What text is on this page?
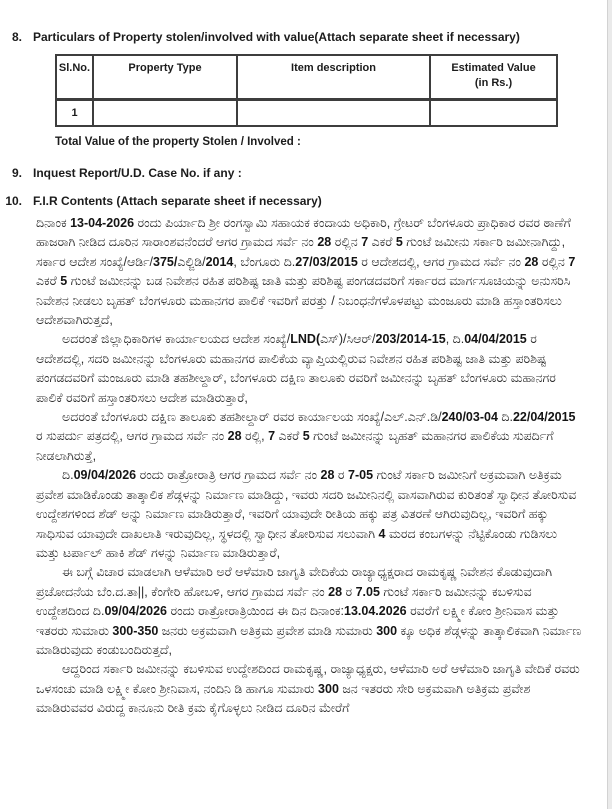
8. Particulars of Property stolen/involved with value(Attach separate sheet if necessary)
Sl.No.	Property Type	Item description	Estimated Value
(in Rs.)

1			
Total Value of the property Stolen / Involved :
9. Inquest Report/U.D. Case No. if any :
10. F.I.R Contents (Attach separate sheet if necessary)

ದಿನಾಂಕ 13-04-2026 ರಂದು ಪಿರ್ಯಾದಿ ಶ್ರೀ ರಂಗಸ್ವಾಮಿ ಸಹಾಯಕ ಕಂದಾಯ ಅಧಿಕಾರಿ, ಗ್ರೇಟರ್ ಬೆಂಗಳೂರು ಪ್ರಾಧಿಕಾರ ರವರ ಠಾಣೆಗೆ ಹಾಜರಾಗಿ ನೀಡಿದ ದೂರಿನ ಸಾರಾಂಶವನೆಂದರೆ ಆಗರ ಗ್ರಾಮದ ಸರ್ವೆ ನಂ 28 ರಲ್ಲಿನ 7 ಎಕರೆ 5 ಗುಂಟೆ ಜಮೀನು ಸರ್ಕಾರಿ ಜಮೀನಾಗಿದ್ದು, ಸರ್ಕಾರ ಆದೇಶ ಸಂಖ್ಯೆ/ಆರ್ಡಿ/375/ಎಲ್ಜಿಡಿ/2014, ಬೆಂಗೂರು ದಿ.27/03/2015 ರ ಆದೇಶದಲ್ಲಿ, ಆಗರ ಗ್ರಾಮದ ಸರ್ವೆ ನಂ 28 ರಲ್ಲಿನ 7 ಎಕರೆ 5 ಗುಂಟೆ ಜಮೀನನ್ನು ಬಡ ನಿವೇಶನ ರಹಿತ ಪರಿಶಿಷ್ಟ ಜಾತಿ ಮತ್ತು ಪರಿಶಿಷ್ಟ ಪಂಗಡದವರಿಗೆ ಸರ್ಕಾರದ ಮಾರ್ಗಸೂಚಿಯನ್ನು ಅನುಸರಿಸಿ ನಿವೇಶನ ನೀಡಲು ಬೃಹತ್ ಬೆಂಗಳೂರು ಮಹಾನಗರ ಪಾಲಿಕೆ ಇವರಿಗೆ ಪರತ್ತು / ನಿಬಂಧನೆಗಳೊಳಪಟ್ಟು ಮಂಜೂರು ಮಾಡಿ ಹಸ್ತಾಂತರಿಸಲು ಆದೇಶವಾಗಿರುತ್ತದೆ,

ಅದರಂತೆ ಜಿಲ್ಲಾಧಿಕಾರಿಗಳ ಕಾರ್ಯಾಲಯದ ಆದೇಶ ಸಂಖ್ಯೆ/LND(ಎಸ್)/ಸಿಆರ್/203/2014-15, ದಿ.04/04/2015 ರ ಆದೇಶದಲ್ಲಿ, ಸದರಿ ಜಮೀನನ್ನು ಬೆಂಗಳೂರು ಮಹಾನಗರ ಪಾಲಿಕೆಯ ವ್ಯಾಪ್ತಿಯಲ್ಲಿರುವ ನಿವೇಶನ ರಹಿತ ಪರಿಶಿಷ್ಟ ಜಾತಿ ಮತ್ತು ಪರಿಶಿಷ್ಟ ಪಂಗಡದವರಿಗೆ ಮಂಜೂರು ಮಾಡಿ ತಹಶೀಲ್ದಾರ್, ಬೆಂಗಳೂರು ದಕ್ಷಿಣ ತಾಲೂಕು ರವರಿಗೆ ಜಮೀನನ್ನು ಬೃಹತ್ ಬೆಂಗಳೂರು ಮಹಾನಗರ ಪಾಲಿಕೆ ರವರಿಗೆ ಹಸ್ತಾಂತರಿಸಲು ಆದೇಶ ಮಾಡಿರುತ್ತಾರೆ,

ಅದರಂತೆ ಬೆಂಗಳೂರು ದಕ್ಷಿಣ ತಾಲೂಕು ತಹಶೀಲ್ದಾರ್ ರವರ ಕಾರ್ಯಾಲಯ ಸಂಖ್ಯೆ/ಎಲ್.ಎನ್.ಡಿ/240/03-04 ದಿ.22/04/2015 ರ ಸುಪರ್ದು ಪತ್ರದಲ್ಲಿ, ಆಗರ ಗ್ರಾಮದ ಸರ್ವೆ ನಂ 28 ರಲ್ಲಿ, 7 ಎಕರೆ 5 ಗುಂಟೆ ಜಮೀನನ್ನು ಬೃಹತ್ ಮಹಾನಗರ ಪಾಲಿಕೆಯ ಸುಪರ್ದಿಗೆ ನೀಡಲಾಗಿರುತ್ತೆ,

ದಿ.09/04/2026 ರಂದು ರಾತ್ರೋರಾತ್ರಿ ಆಗರ ಗ್ರಾಮದ ಸರ್ವೆ ನಂ 28 ರ 7-05 ಗುಂಟೆ ಸರ್ಕಾರಿ ಜಮೀನಿಗೆ ಅಕ್ರಮವಾಗಿ ಅತಿಕ್ರಮ ಪ್ರವೇಶ ಮಾಡಿಕೊಂಡು ತಾತ್ಕಾಲಿಕ ಶೆಡ್ಗಳನ್ನು ನಿರ್ಮಾಣ ಮಾಡಿದ್ದು, ಇವರು ಸದರಿ ಜಮೀನಿನಲ್ಲಿ ವಾಸವಾಗಿರುವ ಕುರಿತಂತೆ ಸ್ವಾಧೀನ ತೋರಿಸುವ ಉದ್ದೇಶಗಳಿಂದ ಶೆಡ್ ಅನ್ನು ನಿರ್ಮಾಣ ಮಾಡಿರುತ್ತಾರೆ, ಇವರಿಗೆ ಯಾವುದೇ ರೀತಿಯ ಹಕ್ಕು ಪತ್ರ ವಿತರಣೆ ಆಗಿರುವುದಿಲ್ಲ, ಇವರಿಗೆ ಹಕ್ಕು ಸಾಧಿಸುವ ಯಾವುದೇ ದಾಖಲಾತಿ ಇರುವುದಿಲ್ಲ, ಸ್ಥಳದಲ್ಲಿ ಸ್ವಾಧೀನ ತೋರಿಸುವ ಸಲುವಾಗಿ 4 ಮರದ ಕಂಬಗಳನ್ನು ನೆಟ್ಟಿಕೊಂಡು ಗುಡಿಸಲು ಮತ್ತು ಟರ್ಪಾಲ್ ಹಾಕಿ ಶೆಡ್ ಗಳನ್ನು ನಿರ್ಮಾಣ ಮಾಡಿರುತ್ತಾರೆ,

ಈ ಬಗ್ಗೆ ವಿಚಾರ ಮಾಡಲಾಗಿ ಆಳೆಮಾರಿ ಅರೆ ಆಳೆಮಾರಿ ಜಾಗೃತಿ ವೇದಿಕೆಯ ರಾಜ್ಯಾಧ್ಯಕ್ಷರಾದ ರಾಮಕೃಷ್ಣ ನಿವೇಶನ ಕೊಡುವುದಾಗಿ ಪ್ರಚೋದನೆಯ ಬೆಂ.ದ.ತಾ||, ಕೆಂಗೇರಿ ಹೋಬಳಿ, ಆಗರ ಗ್ರಾಮದ ಸರ್ವೆ ನಂ 28 ರ 7.05 ಗುಂಟೆ ಸರ್ಕಾರಿ ಜಮೀನನ್ನು ಕಬಳಿಸುವ ಉದ್ದೇಶದಿಂದ ದಿ.09/04/2026 ರಂದು ರಾತ್ರೋರಾತ್ರಿಯಿಂದ ಈ ದಿನ ದಿನಾಂಕ:13.04.2026 ರವರೆಗೆ ಲಕ್ಷ್ಮೀ ಕೋಂ ಶ್ರೀನಿವಾಸ ಮತ್ತು ಇತರರು ಸುಮಾರು 300-350 ಜನರು ಅಕ್ರಮವಾಗಿ ಅತಿಕ್ರಮ ಪ್ರವೇಶ ಮಾಡಿ ಸುಮಾರು 300 ಕ್ಕೂ ಅಧಿಕ ಶೆಡ್ಗಳನ್ನು ತಾತ್ಕಾಲಿಕವಾಗಿ ನಿರ್ಮಾಣ ಮಾಡಿರುವುದು ಕಂಡುಬಂದಿರುತ್ತದೆ,

ಆದ್ದರಿಂದ ಸರ್ಕಾರಿ ಜಮೀನನ್ನು ಕಬಳಿಸುವ ಉದ್ದೇಶದಿಂದ ರಾಮಕೃಷ್ಣ, ರಾಜ್ಯಾಧ್ಯಕ್ಷರು, ಆಳೆಮಾರಿ ಅರೆ ಆಳೆಮಾರಿ ಜಾಗೃತಿ ವೇದಿಕೆ ರವರು ಒಳಸಂಚು ಮಾಡಿ ಲಕ್ಷ್ಮೀ ಕೋಂ ಶ್ರೀನಿವಾಸ, ನಂದಿನಿ ಡಿ ಹಾಗೂ ಸುಮಾರು 300 ಜನ ಇತರರು ಸೇರಿ ಅಕ್ರಮವಾಗಿ ಅತಿಕ್ರಮ ಪ್ರವೇಶ ಮಾಡಿರುವವರ ವಿರುದ್ದ ಕಾನೂನು ರೀತಿ ಕ್ರಮ ಕೈಗೊಳ್ಳಲು ನೀಡಿದ ದೂರಿನ ಮೇರೆಗೆ
